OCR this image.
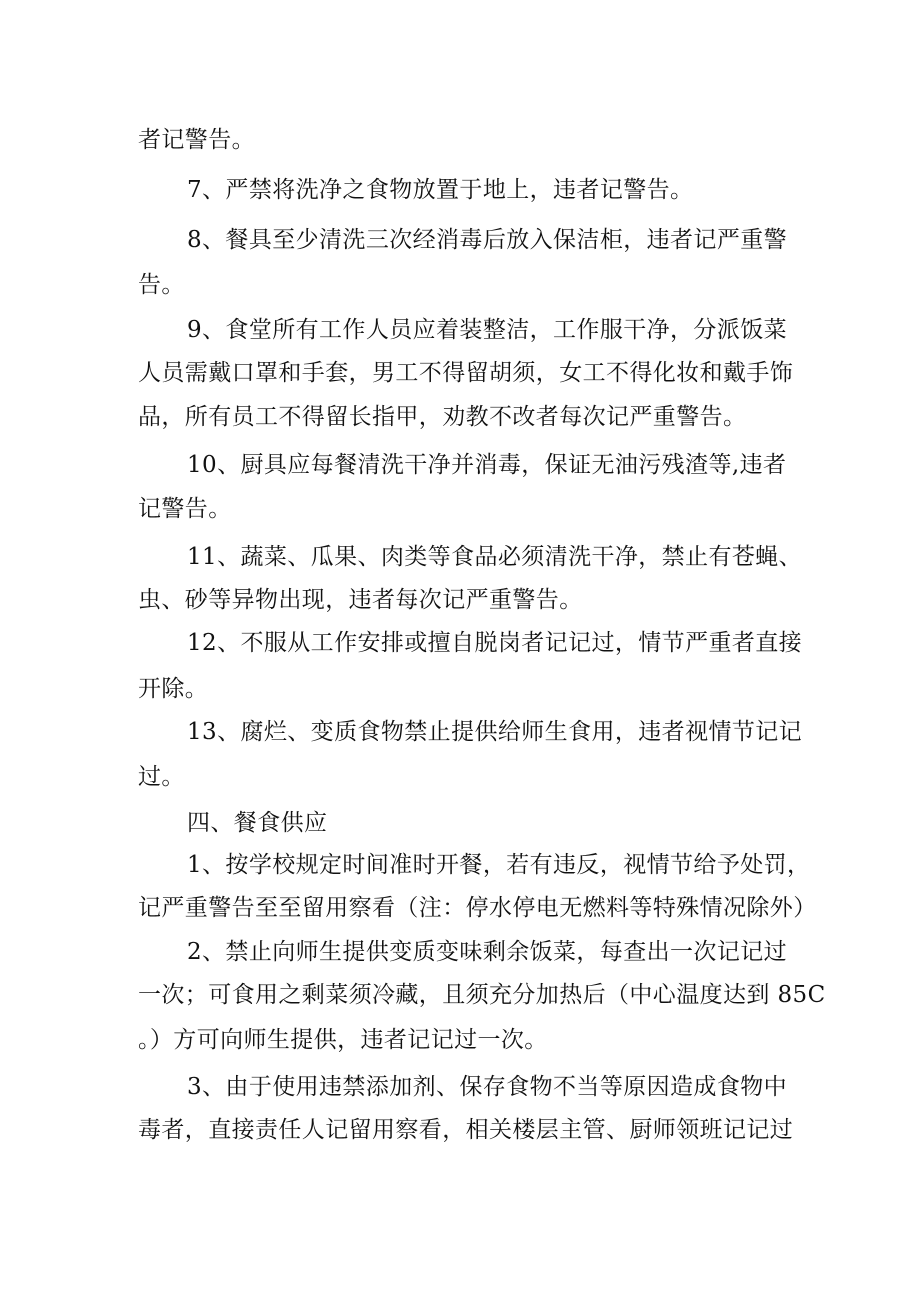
者记警告。
7、严禁将洗净之食物放置于地上，违者记警告。
8、餐具至少清洗三次经消毒后放入保洁柜，违者记严重警
告。
9、食堂所有工作人员应着装整洁，工作服干净，分派饭菜
人员需戴口罩和手套，男工不得留胡须，女工不得化妆和戴手饰
品，所有员工不得留长指甲，劝教不改者每次记严重警告。
10、厨具应每餐清洗干净并消毒，保证无油污残渣等,违者
记警告。
11、蔬菜、瓜果、肉类等食品必须清洗干净，禁止有苍蝇、
虫、砂等异物出现，违者每次记严重警告。
12、不服从工作安排或擅自脱岗者记记过，情节严重者直接
开除。
13、腐烂、变质食物禁止提供给师生食用，违者视情节记记
过。
四、餐食供应
1、按学校规定时间准时开餐，若有违反，视情节给予处罚，
记严重警告至至留用察看（注：停水停电无燃料等特殊情况除外）
2、禁止向师生提供变质变味剩余饭菜，每查出一次记记过
一次；可食用之剩菜须冷藏，且须充分加热后（中心温度达到 85C
。）方可向师生提供，违者记记过一次。
3、由于使用违禁添加剂、保存食物不当等原因造成食物中
毒者，直接责任人记留用察看，相关楼层主管、厨师领班记记过
